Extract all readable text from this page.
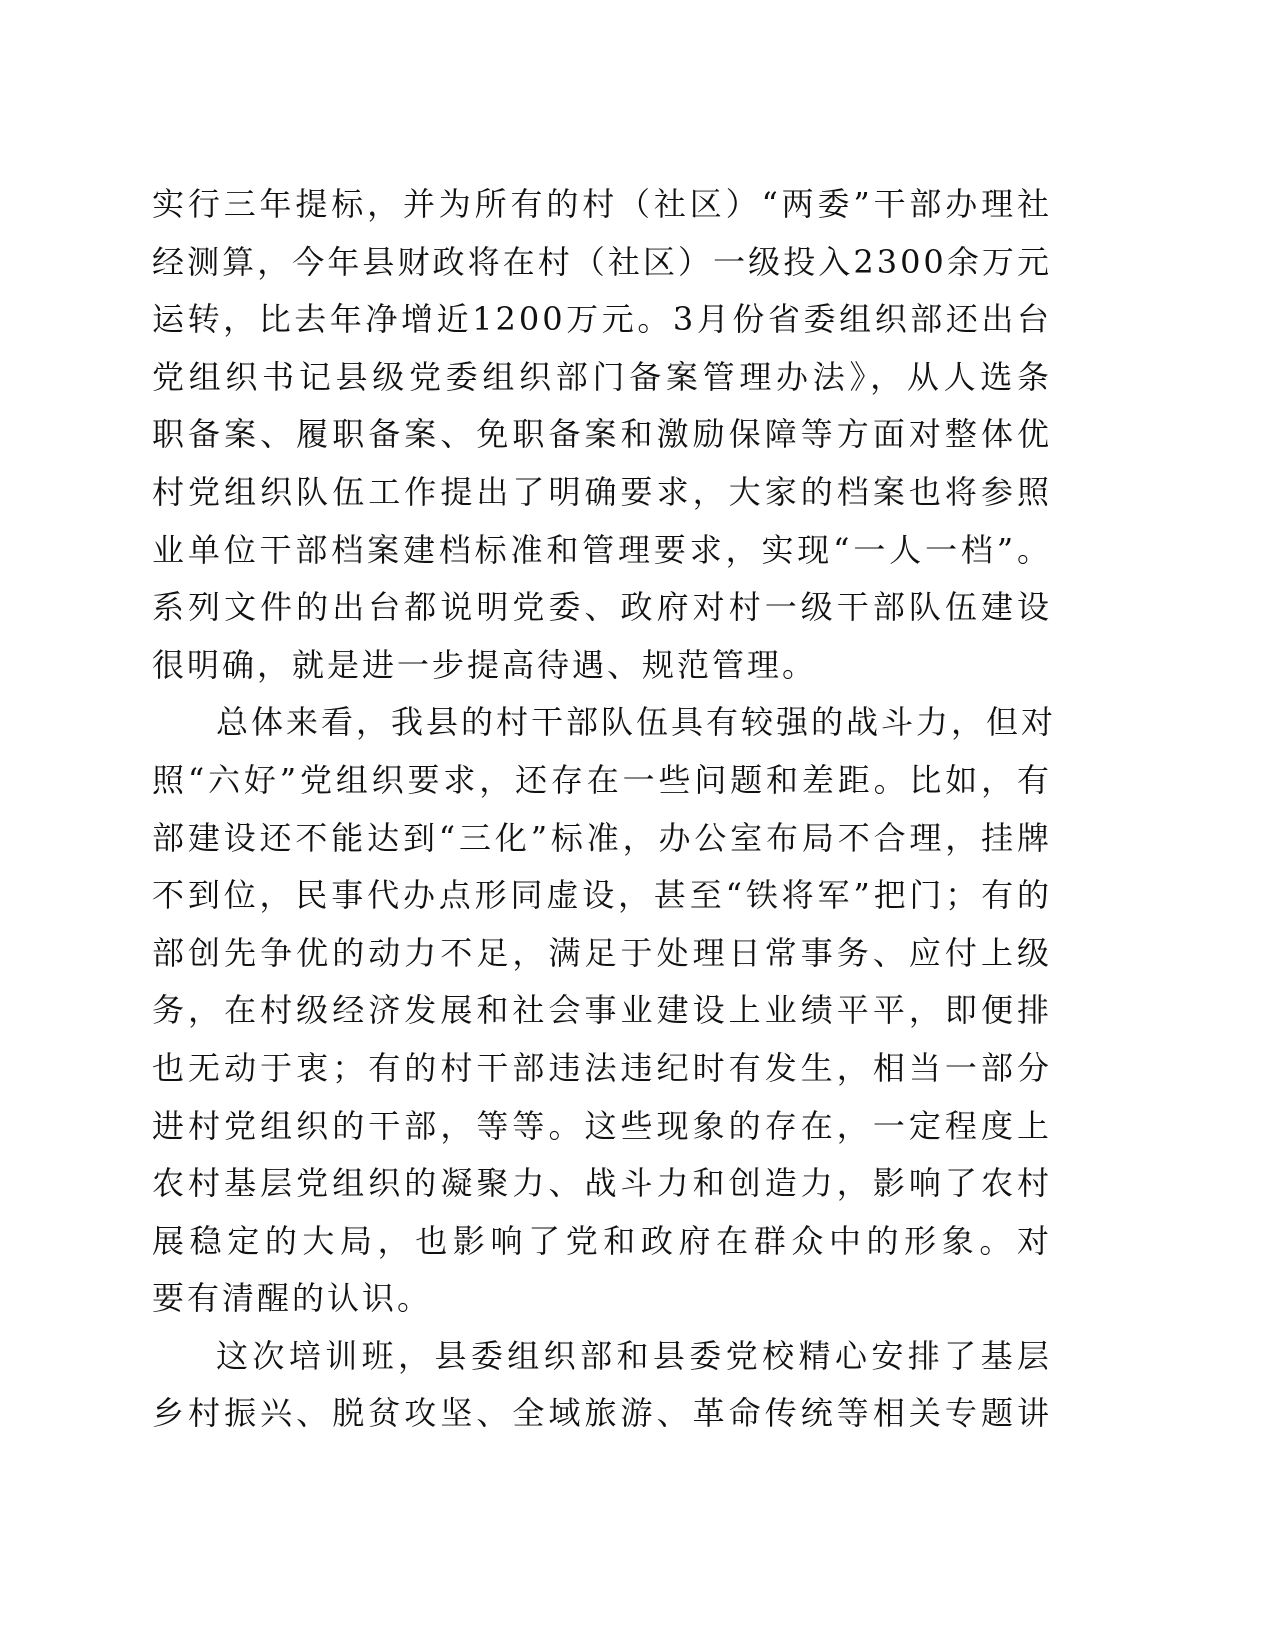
实行三年提标，并为所有的村（社区）“两委”干部办理社
经测算，今年县财政将在村（社区）一级投入2300余万元
运转，比去年净增近1200万元。3月份省委组织部还出台
党组织书记县级党委组织部门备案管理办法》，从人选条
职备案、履职备案、免职备案和激励保障等方面对整体优
村党组织队伍工作提出了明确要求，大家的档案也将参照
业单位干部档案建档标准和管理要求，实现“一人一档”。
系列文件的出台都说明党委、政府对村一级干部队伍建设
很明确，就是进一步提高待遇、规范管理。
总体来看，我县的村干部队伍具有较强的战斗力，但对
照“六好”党组织要求，还存在一些问题和差距。比如，有
部建设还不能达到“三化”标准，办公室布局不合理，挂牌
不到位，民事代办点形同虚设，甚至“铁将军”把门；有的
部创先争优的动力不足，满足于处理日常事务、应付上级
务，在村级经济发展和社会事业建设上业绩平平，即便排
也无动于衷；有的村干部违法违纪时有发生，相当一部分
进村党组织的干部，等等。这些现象的存在，一定程度上
农村基层党组织的凝聚力、战斗力和创造力，影响了农村
展稳定的大局，也影响了党和政府在群众中的形象。对
要有清醒的认识。
这次培训班，县委组织部和县委党校精心安排了基层
乡村振兴、脱贫攻坚、全域旅游、革命传统等相关专题讲
